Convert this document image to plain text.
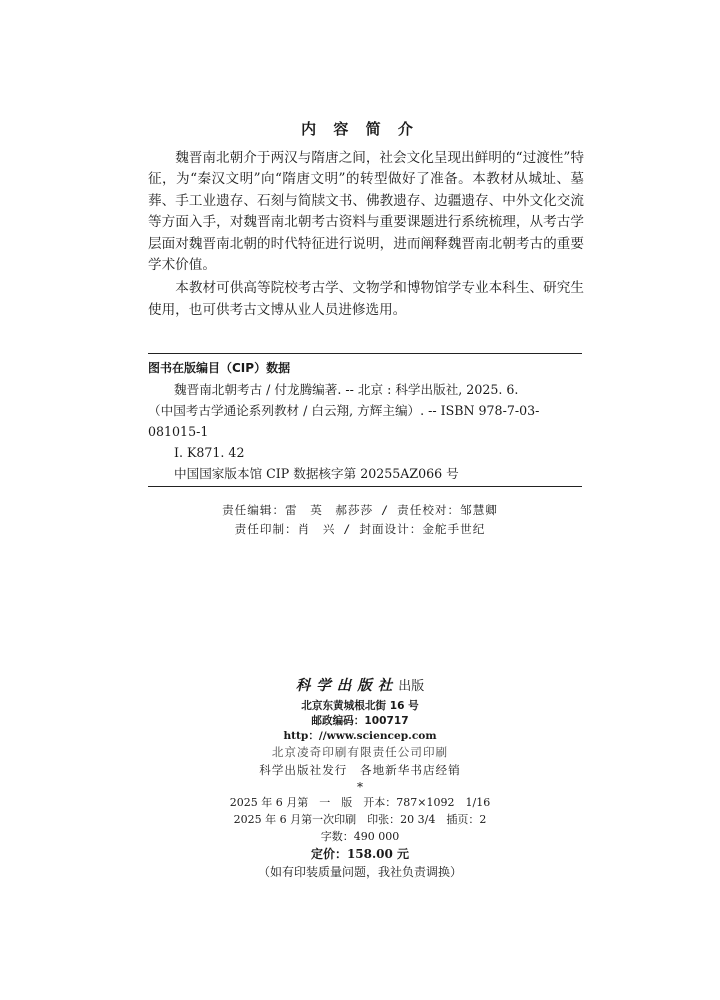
内 容 简 介

魏晋南北朝介于两汉与隋唐之间，社会文化呈现出鲜明的“过渡性”特征，为“秦汉文明”向“隋唐文明”的转型做好了准备。本教材从城址、墓葬、手工业遗存、石刻与简牍文书、佛教遗存、边疆遗存、中外文化交流等方面入手，对魏晋南北朝考古资料与重要课题进行系统梳理，从考古学层面对魏晋南北朝的时代特征进行说明，进而阐释魏晋南北朝考古的重要学术价值。

本教材可供高等院校考古学、文物学和博物馆学专业本科生、研究生使用，也可供考古文博从业人员进修选用。

图书在版编目（CIP）数据
魏晋南北朝考古 / 付龙腾编著. -- 北京 : 科学出版社, 2025. 6.
（中国考古学通论系列教材 / 白云翔, 方辉主编）. -- ISBN 978-7-03-
081015-1
Ⅰ. K871. 42
中国国家版本馆 CIP 数据核字第 20255AZ066 号
责任编辑：雷　英　郝莎莎 / 责任校对：邹慧卿
责任印制：肖　兴 / 封面设计：金舵手世纪
科学出版社出版
北京东黄城根北街 16 号
邮政编码：100717
http：//www.sciencep.com
北京凌奇印刷有限责任公司印刷
科学出版社发行　各地新华书店经销
*
2025 年 6 月第　一　版　开本：787×1092　1/16
2025 年 6 月第一次印刷　印张：20 3/4　插页：2
字数：490 000
定价：158.00 元
（如有印装质量问题，我社负责调换）
